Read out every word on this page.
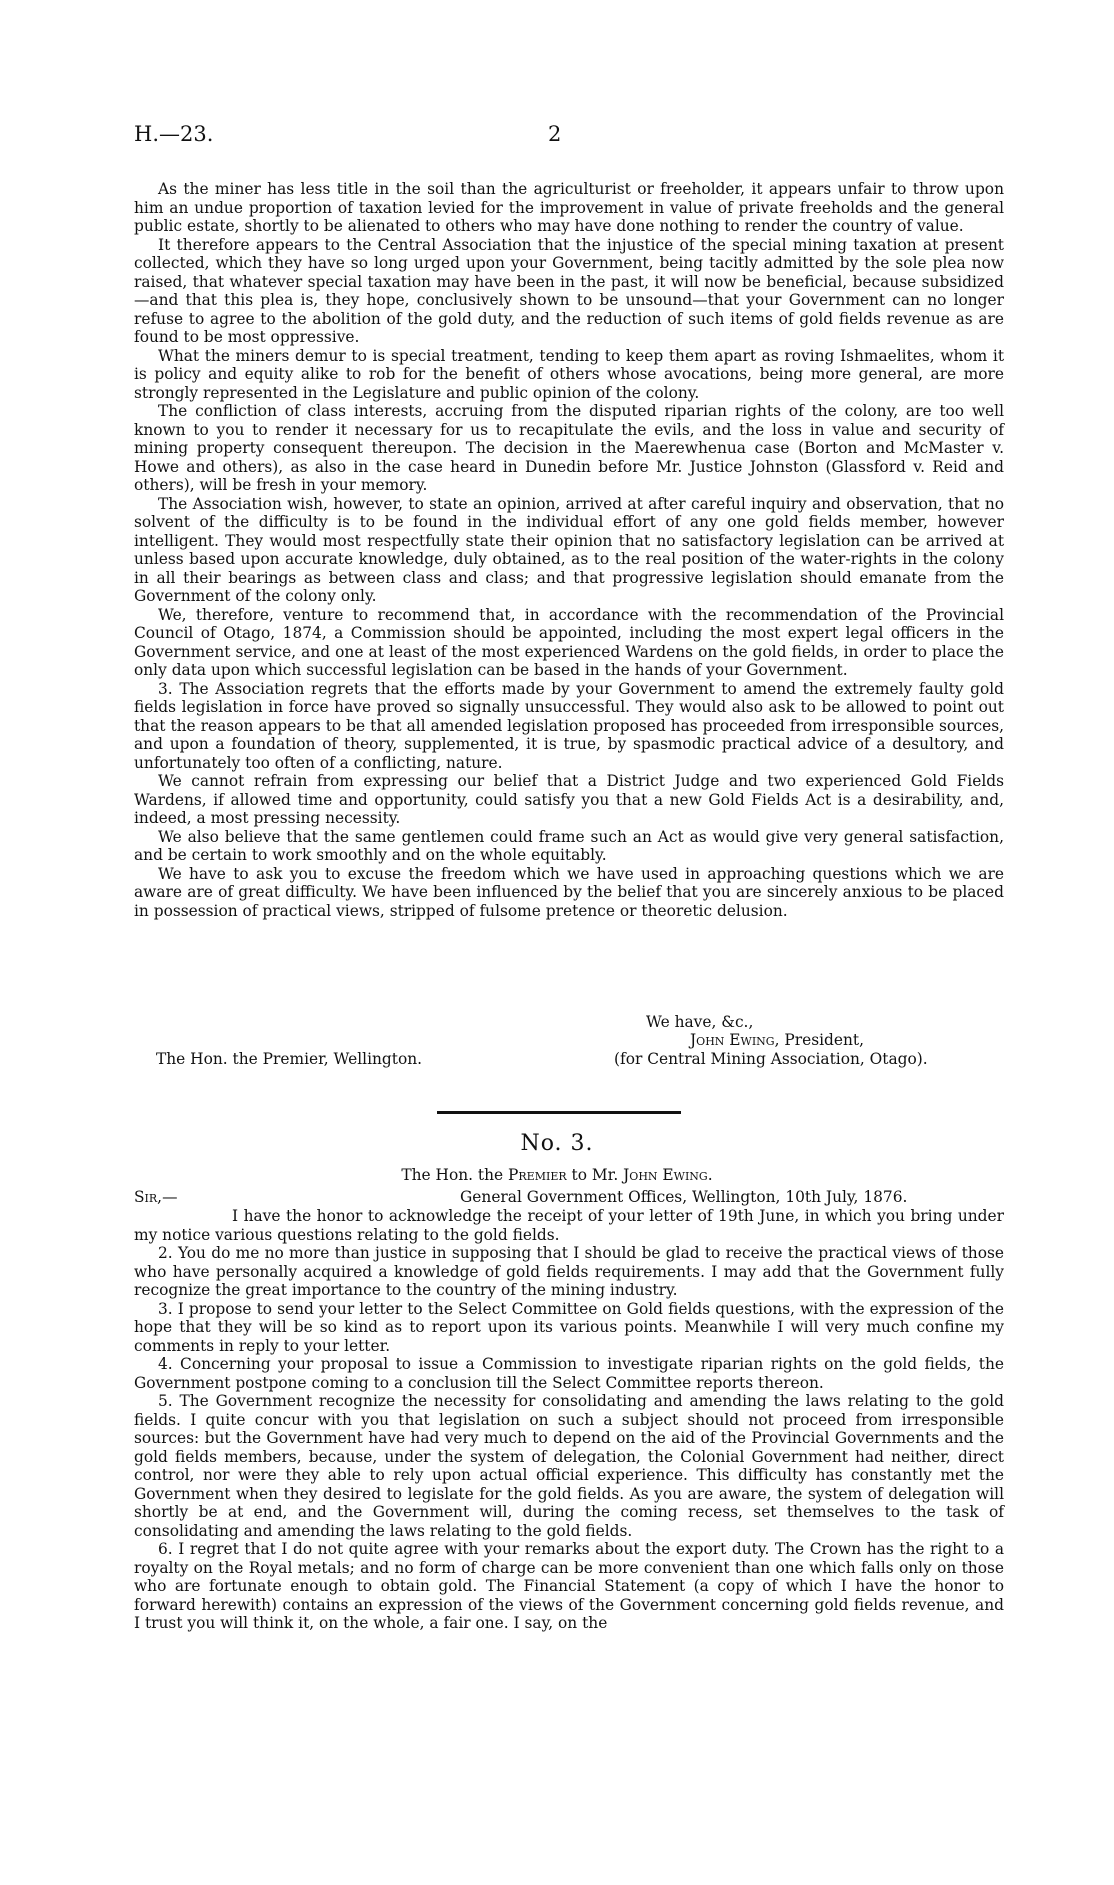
H.—23.	2

As the miner has less title in the soil than the agriculturist or freeholder, it appears unfair to throw upon him an undue proportion of taxation levied for the improvement in value of private freeholds and the general public estate, shortly to be alienated to others who may have done nothing to render the country of value.

It therefore appears to the Central Association that the injustice of the special mining taxation at present collected, which they have so long urged upon your Government, being tacitly admitted by the sole plea now raised, that whatever special taxation may have been in the past, it will now be beneficial, because subsidized—and that this plea is, they hope, conclusively shown to be unsound—that your Government can no longer refuse to agree to the abolition of the gold duty, and the reduction of such items of gold fields revenue as are found to be most oppressive.

What the miners demur to is special treatment, tending to keep them apart as roving Ishmaelites, whom it is policy and equity alike to rob for the benefit of others whose avocations, being more general, are more strongly represented in the Legislature and public opinion of the colony.

The confliction of class interests, accruing from the disputed riparian rights of the colony, are too well known to you to render it necessary for us to recapitulate the evils, and the loss in value and security of mining property consequent thereupon. The decision in the Maerewhenua case (Borton and McMaster v. Howe and others), as also in the case heard in Dunedin before Mr. Justice Johnston (Glassford v. Reid and others), will be fresh in your memory.

The Association wish, however, to state an opinion, arrived at after careful inquiry and observation, that no solvent of the difficulty is to be found in the individual effort of any one gold fields member, however intelligent. They would most respectfully state their opinion that no satisfactory legislation can be arrived at unless based upon accurate knowledge, duly obtained, as to the real position of the water-rights in the colony in all their bearings as between class and class; and that progressive legislation should emanate from the Government of the colony only.

We, therefore, venture to recommend that, in accordance with the recommendation of the Provincial Council of Otago, 1874, a Commission should be appointed, including the most expert legal officers in the Government service, and one at least of the most experienced Wardens on the gold fields, in order to place the only data upon which successful legislation can be based in the hands of your Government.

3. The Association regrets that the efforts made by your Government to amend the extremely faulty gold fields legislation in force have proved so signally unsuccessful. They would also ask to be allowed to point out that the reason appears to be that all amended legislation proposed has proceeded from irresponsible sources, and upon a foundation of theory, supplemented, it is true, by spasmodic practical advice of a desultory, and unfortunately too often of a conflicting, nature.

We cannot refrain from expressing our belief that a District Judge and two experienced Gold Fields Wardens, if allowed time and opportunity, could satisfy you that a new Gold Fields Act is a desirability, and, indeed, a most pressing necessity.

We also believe that the same gentlemen could frame such an Act as would give very general satisfaction, and be certain to work smoothly and on the whole equitably.

We have to ask you to excuse the freedom which we have used in approaching questions which we are aware are of great difficulty. We have been influenced by the belief that you are sincerely anxious to be placed in possession of practical views, stripped of fulsome pretence or theoretic delusion.

We have, &c.,
John Ewing, President,
The Hon. the Premier, Wellington.	(for Central Mining Association, Otago).
No. 3.
The Hon. the Premier to Mr. John Ewing.
Sir,—	General Government Offices, Wellington, 10th July, 1876.

I have the honor to acknowledge the receipt of your letter of 19th June, in which you bring under my notice various questions relating to the gold fields.

2. You do me no more than justice in supposing that I should be glad to receive the practical views of those who have personally acquired a knowledge of gold fields requirements. I may add that the Government fully recognize the great importance to the country of the mining industry.

3. I propose to send your letter to the Select Committee on Gold fields questions, with the expression of the hope that they will be so kind as to report upon its various points. Meanwhile I will very much confine my comments in reply to your letter.

4. Concerning your proposal to issue a Commission to investigate riparian rights on the gold fields, the Government postpone coming to a conclusion till the Select Committee reports thereon.

5. The Government recognize the necessity for consolidating and amending the laws relating to the gold fields. I quite concur with you that legislation on such a subject should not proceed from irresponsible sources: but the Government have had very much to depend on the aid of the Provincial Governments and the gold fields members, because, under the system of delegation, the Colonial Government had neither, direct control, nor were they able to rely upon actual official experience. This difficulty has constantly met the Government when they desired to legislate for the gold fields. As you are aware, the system of delegation will shortly be at end, and the Government will, during the coming recess, set themselves to the task of consolidating and amending the laws relating to the gold fields.

6. I regret that I do not quite agree with your remarks about the export duty. The Crown has the right to a royalty on the Royal metals; and no form of charge can be more convenient than one which falls only on those who are fortunate enough to obtain gold. The Financial Statement (a copy of which I have the honor to forward herewith) contains an expression of the views of the Government concerning gold fields revenue, and I trust you will think it, on the whole, a fair one. I say, on the
